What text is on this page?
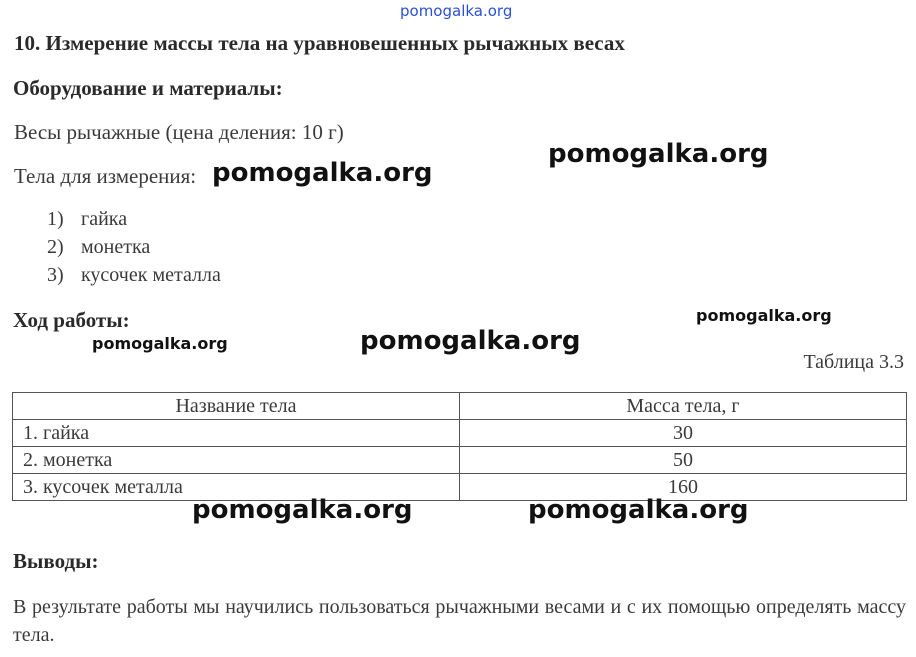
pomogalka.org
10. Измерение массы тела на уравновешенных рычажных весах
Оборудование и материалы:
Весы рычажные (цена деления: 10 г)
Тела для измерения:
1) гайка
2) монетка
3) кусочек металла
Ход работы:
Таблица 3.3
Название тела	Масса тела, г
1. гайка	30
2. монетка	50
3. кусочек металла	160
Выводы:
В результате работы мы научились пользоваться рычажными весами и с их помощью определять массу тела.
pomogalka.org
pomogalka.org
pomogalka.org
pomogalka.org	pomogalka.org
pomogalka.org	pomogalka.org
